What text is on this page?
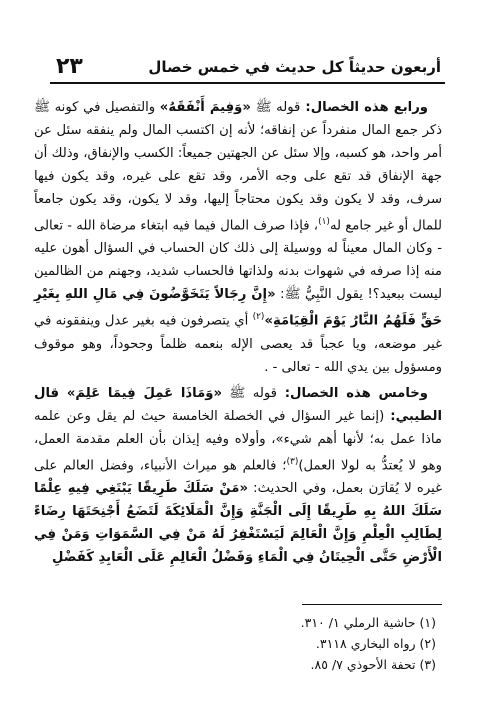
أربعون حديثاً كل حديث في خمس خصال
٢٣

ورابع هذه الخصال: قوله ﷺ «وَفِيمَ أَنْفَقَهُ» والتفصيل في كونه ﷺ ذكر جمع المال منفرداً عن إنفاقه؛ لأنه إن اكتسب المال ولم ينفقه سئل عن أمر واحد، هو كسبه، وإلا سئل عن الجهتين جميعاً: الكسب والإنفاق، وذلك أن جهة الإنفاق قد تقع على وجه الأمر، وقد تقع على غيره، وقد يكون فيها سرف، وقد لا يكون وقد يكون محتاجاً إليها، وقد لا يكون، وقد يكون جامعاً للمال أو غير جامع له$^{(١)}$، فإذا صرف المال فيما فيه ابتغاء مرضاة الله - تعالى - وكان المال معيناً له ووسيلة إلى ذلك كان الحساب في السؤال أهون عليه منه إذا صرفه في شهوات بدنه ولذاتها فالحساب شديد، وجهنم من الظالمين ليست ببعيد؟! يقول النَّبِيُّ ﷺ: «إِنَّ رِجَالاً يَتَخَوَّضُونَ فِي مَالِ اللهِ بِغَيْرِ حَقٍّ فَلَهُمُ النَّارُ يَوْمَ الْقِيَامَةِ»$^{(٢)}$ أي يتصرفون فيه بغير عدل وينفقونه في غير موضعه، ويا عجباً قد يعصى الإله بنعمه ظلماً وجحوداً، وهو موقوف ومسؤول بين يدي الله - تعالى - .

وخامس هذه الخصال: قوله ﷺ «وَمَاذَا عَمِلَ فِيمَا عَلِمَ» قال الطيبي: (إنما غير السؤال في الخصلة الخامسة حيث لم يقل وعن علمه ماذا عمل به؛ لأنها أهم شيء»، وأولاه وفيه إيذان بأن العلم مقدمة العمل، وهو لا يُعتدُّ به لولا العمل)$^{(٣)}$؛ فالعلم هو ميراث الأنبياء، وفضل العالم على غيره لا يُقارَن بعمل، وفي الحديث: «مَنْ سَلَكَ طَرِيقًا يَبْتَغِي فِيهِ عِلْمًا سَلَكَ اللهُ بِهِ طَرِيقًا إِلَى الْجَنَّةِ وَإِنَّ الْمَلَائِكَةَ لَتَضَعُ أَجْنِحَتَهَا رِضَاءً لِطَالِبِ الْعِلْمِ وَإِنَّ الْعَالِمَ لَيَسْتَغْفِرُ لَهُ مَنْ فِي السَّمَوَاتِ وَمَنْ فِي الْأَرْضِ حَتَّى الْحِيتَانُ فِي الْمَاءِ وَفَضْلُ الْعَالِمِ عَلَى الْعَابِدِ كَفَضْلِ

(١) حاشية الرملي ١/ ٣١٠.
(٢) رواه البخاري ٣١١٨.
(٣) تحفة الأحوذي ٧/ ٨٥.
